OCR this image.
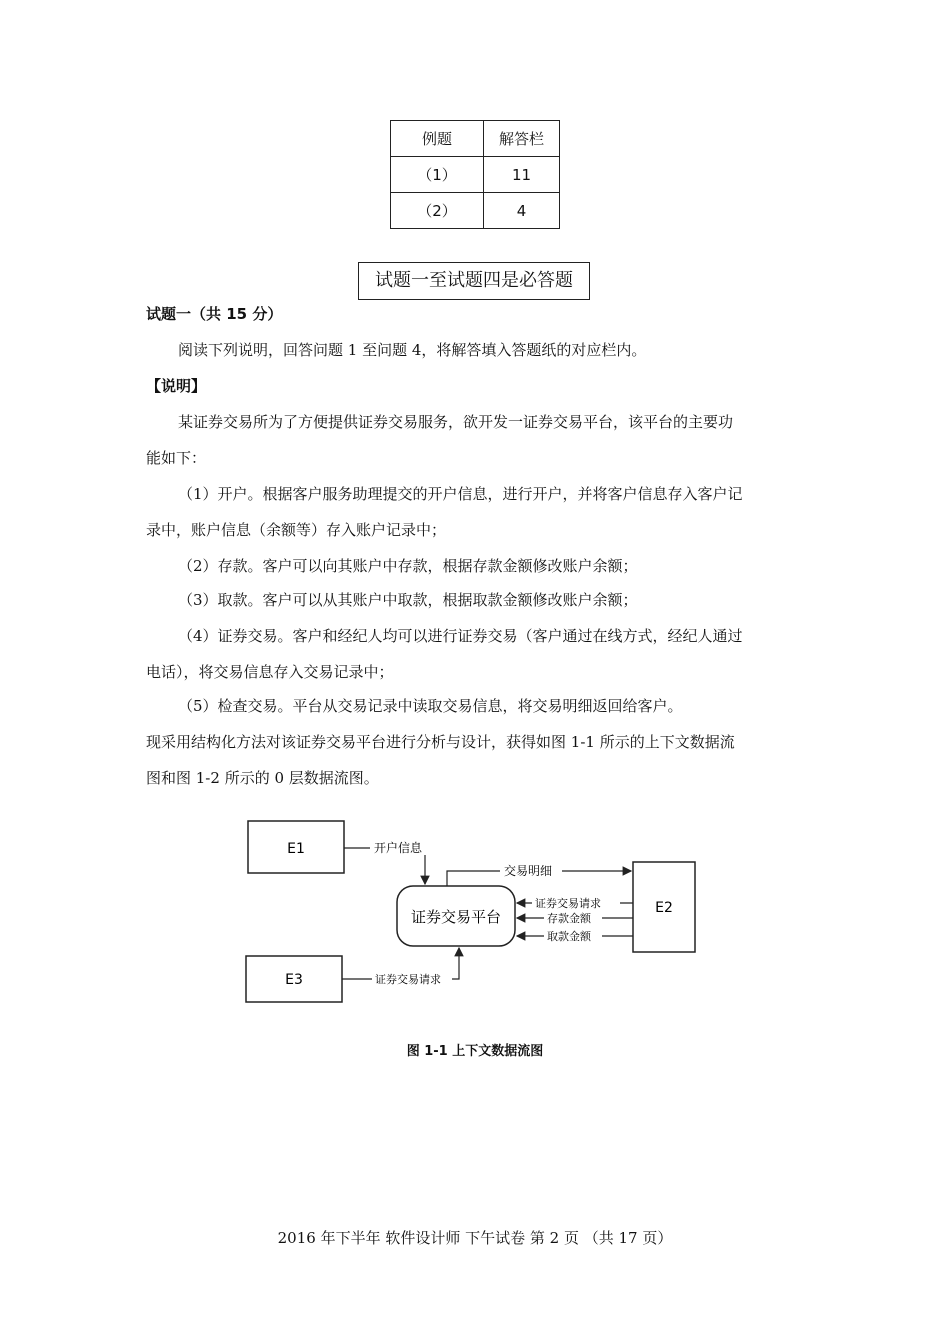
例题	解答栏
（1）	11
（2）	4
试题一至试题四是必答题
试题一（共 15 分）
阅读下列说明，回答问题 1 至问题 4，将解答填入答题纸的对应栏内。
【说明】
某证券交易所为了方便提供证券交易服务，欲开发一证券交易平台，该平台的主要功
能如下：
（1）开户。根据客户服务助理提交的开户信息，进行开户，并将客户信息存入客户记
录中，账户信息（余额等）存入账户记录中；
（2）存款。客户可以向其账户中存款，根据存款金额修改账户余额；
（3）取款。客户可以从其账户中取款，根据取款金额修改账户余额；
（4）证券交易。客户和经纪人均可以进行证券交易（客户通过在线方式，经纪人通过
电话），将交易信息存入交易记录中；
（5）检查交易。平台从交易记录中读取交易信息，将交易明细返回给客户。
现采用结构化方法对该证券交易平台进行分析与设计，获得如图 1-1 所示的上下文数据流
图和图 1-2 所示的 0 层数据流图。
E1
E3
E2
证券交易平台
开户信息
交易明细
证券交易请求
存款金额
取款金额
证券交易请求
图 1-1 上下文数据流图
2016 年下半年 软件设计师 下午试卷 第 2 页 （共 17 页）
